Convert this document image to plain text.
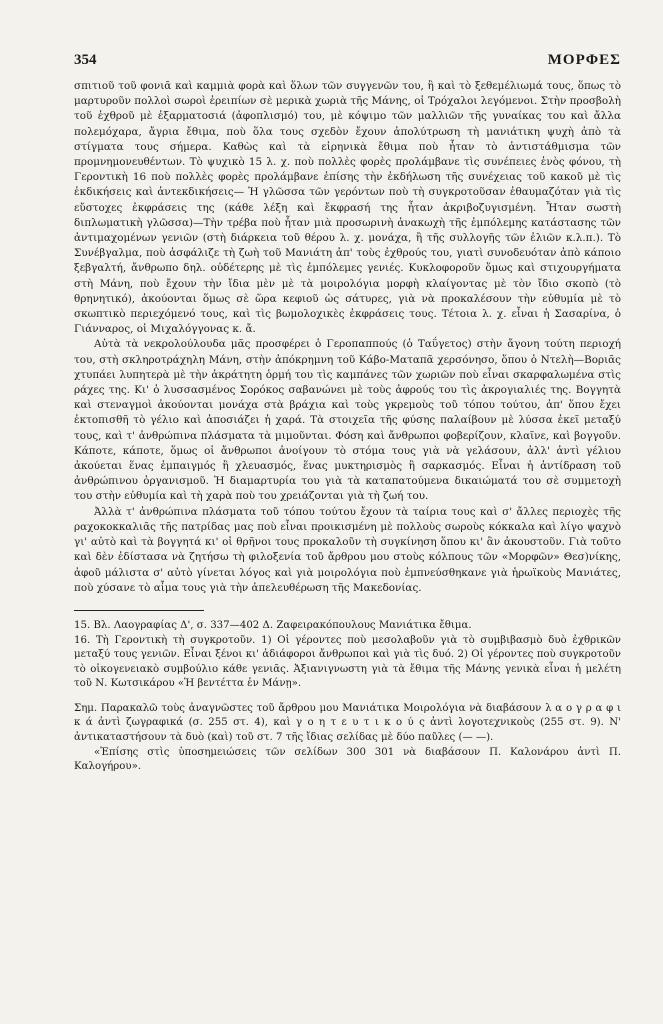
354	ΜΟΡΦΕΣ

σπιτιοῦ τοῦ φονιᾶ καὶ καμμιὰ φορὰ καὶ ὅλων τῶν συγγενῶν του, ἢ καὶ τὸ ξεθεμέλιωμά τους, ὅπως τὸ μαρτυροῦν πολλοὶ σωροὶ ἐρειπίων σὲ μερικὰ χωριὰ τῆς Μάνης, οἱ Τρόχαλοι λεγόμενοι. Στὴν προσβολὴ τοῦ ἐχθροῦ μὲ ἐξαρματοσιά (ἀφοπλισμό) του, μὲ κόψιμο τῶν μαλλιῶν τῆς γυναίκας του καὶ ἄλλα πολεμόχαρα, ἄγρια ἔθιμα, ποὺ ὅλα τους σχεδὸν ἔχουν ἀπολύτρωση τὴ μανιάτικη ψυχὴ ἀπὸ τὰ στίγματα τους σήμερα. Καθὼς καὶ τὰ εἰρηνικὰ ἔθιμα ποὺ ἦταν τὸ ἀντιστάθμισμα τῶν προμνημονευθέντων. Τὸ ψυχικὸ 15 λ. χ. ποὺ πολλὲς φορὲς προλάμβανε τὶς συνέπειες ἑνὸς φόνου, τὴ Γεροντικὴ 16 ποὺ πολλὲς φορὲς προλάμβανε ἐπίσης τὴν ἐκδήλωση τῆς συνέχειας τοῦ κακοῦ μὲ τὶς ἐκδικήσεις καὶ ἀντεκδικήσεις— Ἡ γλῶσσα τῶν γερόντων ποὺ τὴ συγκροτοῦσαν ἐθαυμαζόταν γιὰ τὶς εὔστοχες ἐκφράσεις της (κάθε λέξη καὶ ἔκφρασή της ἦταν ἀκριβοζυγισμένη. Ἦταν σωστὴ διπλωματικὴ γλῶσσα)—Τὴν τρέβα ποὺ ἦταν μιὰ προσωρινὴ ἀνακωχὴ τῆς ἐμπόλεμης κατάστασης τῶν ἀντιμαχομένων γενιῶν (στὴ διάρκεια τοῦ θέρου λ. χ. μονάχα, ἢ τῆς συλλογῆς τῶν ἐλιῶν κ.λ.π.). Τὸ Συνέβγαλμα, ποὺ ἀσφάλιζε τὴ ζωὴ τοῦ Μανιάτη ἀπ' τοὺς ἐχθρούς του, γιατὶ συνοδευόταν ἀπὸ κάποιο ξεβγαλτή, ἄνθρωπο δηλ. οὐδέτερης μὲ τὶς ἐμπόλεμες γενιές. Κυκλοφοροῦν ὅμως καὶ στιχουργήματα στὴ Μάνη, ποὺ ἔχουν τὴν ἴδια μὲν μὲ τὰ μοιρολόγια μορφὴ κλαίγοντας μὲ τὸν ἴδιο σκοπὸ (τὸ θρηνητικό), ἀκούονται ὅμως σὲ ὥρα κεφιοῦ ὡς σάτυρες, γιὰ νὰ προκαλέσουν τὴν εὐθυμία μὲ τὸ σκωπτικὸ περιεχόμενό τους, καὶ τὶς βωμολοχικὲς ἐκφράσεις τους. Τέτοια λ. χ. εἶναι ἡ Σασαρίνα, ὁ Γιάνναρος, οἱ Μιχαλόγγονας κ. ἄ.

Αὐτὰ τὰ νεκρολούλουδα μᾶς προσφέρει ὁ Γεροπαππούς (ὁ Ταΰγετος) στὴν ἄγονη τούτη περιοχή του, στὴ σκληροτράχηλη Μάνη, στὴν ἀπόκρημνη τοῦ Κάβο-Ματαπᾶ χερσόνησο, ὅπου ὁ Ντελὴ—Βοριᾶς χτυπάει λυπητερὰ μὲ τὴν ἀκράτητη ὁρμή του τὶς καμπάνες τῶν χωριῶν ποὺ εἶναι σκαρφαλωμένα στὶς ράχες της. Κι' ὁ λυσσασμένος Σορόκος σαβανώνει μὲ τοὺς ἀφρούς του τὶς ἀκρογιαλιές της. Βογγητὰ καὶ στεναγμοὶ ἀκούονται μονάχα στὰ βράχια καὶ τοὺς γκρεμοὺς τοῦ τόπου τούτου, ἀπ' ὅπου ἔχει ἐκτοπισθῆ τὸ γέλιο καὶ ἀποσιάζει ἡ χαρά. Τὰ στοιχεῖα τῆς φύσης παλαίβουν μὲ λύσσα ἐκεῖ μεταξύ τους, καὶ τ' ἀνθρώπινα πλάσματα τὰ μιμοῦνται. Φόση καὶ ἄνθρωποι φοβερίζουν, κλαῖνε, καὶ βογγοῦν. Κάποτε, κάποτε, ὅμως οἱ ἄνθρωποι ἀνοίγουν τὸ στόμα τους γιὰ νὰ γελάσουν, ἀλλ' ἀντὶ γέλιου ἀκούεται ἕνας ἐμπαιγμός ἢ χλευασμός, ἕνας μυκτηρισμὸς ἢ σαρκασμός. Εἶναι ἡ ἀντίδραση τοῦ ἀνθρώπινου ὀργανισμοῦ. Ἡ διαμαρτυρία του γιὰ τὰ καταπατούμενα δικαιώματά του σὲ συμμετοχὴ του στὴν εὐθυμία καὶ τὴ χαρὰ ποὺ του χρειάζονται γιὰ τὴ ζωή του.

Ἀλλὰ τ' ἀνθρώπινα πλάσματα τοῦ τόπου τούτου ἔχουν τὰ ταίρια τους καὶ σ' ἄλλες περιοχὲς τῆς ραχοκοκκαλιᾶς τῆς πατρίδας μας ποὺ εἶναι προικισμένη μὲ πολλοὺς σωροὺς κόκκαλα καὶ λίγο ψαχνὸ γι' αὐτὸ καὶ τὰ βογγητά κι' οἱ θρῆνοι τους προκαλοῦν τὴ συγκίνηση ὅπου κι' ἂν ἀκουστοῦν. Γιὰ τοῦτο καὶ δὲν ἐδίστασα νὰ ζητήσω τὴ φιλοξενία τοῦ ἄρθρου μου στοὺς κόλπους τῶν «Μορφῶν» Θεσ)νίκης, ἀφοῦ μάλιστα σ' αὐτὸ γίνεται λόγος καὶ γιὰ μοιρολόγια ποὺ ἐμπνεύσθηκανε γιὰ ἡρωϊκοὺς Μανιάτες, ποὺ χύσανε τὸ αἷμα τους γιὰ τὴν ἀπελευθέρωση τῆς Μακεδονίας.

15. Βλ. Λαογραφίας Δ', σ. 337—402 Δ. Ζαφειρακόπουλους Μανιάτικα ἔθιμα.

16. Τὴ Γεροντικὴ τὴ συγκροτοῦν. 1) Οἱ γέροντες ποὺ μεσολαβοῦν γιὰ τὸ συμβιβασμὸ δυὸ ἐχθρικῶν μεταξύ τους γενιῶν. Εἶναι ξένοι κι' ἀδιάφοροι ἄνθρωποι καὶ γιὰ τὶς δυό. 2) Οἱ γέροντες ποὺ συγκροτοῦν τὸ οἰκογενειακὸ συμβούλιο κάθε γενιᾶς. Ἀξιανιγνωστη γιὰ τὰ ἔθιμα τῆς Μάνης γενικὰ εἶναι ἡ μελέτη τοῦ Ν. Κωτσικάρου «Ἡ βεντέττα ἐν Μάνῃ».

Σημ. Παρακαλῶ τοὺς ἀναγνῶστες τοῦ ἄρθρου μου Μανιάτικα Μοιρολόγια νὰ διαβάσουν λ α ο γ ρ α φ ι κ ά ἀντὶ ζωγραφικά (σ. 255 στ. 4), καὶ γ ο η τ ε υ τ ι κ ο ύ ς ἀντὶ λογοτεχνικοὺς (255 στ. 9). Ν' ἀντικαταστήσουν τὰ δυὸ (καὶ) τοῦ στ. 7 τῆς ἴδιας σελίδας μὲ δύο παῦλες (— —).

«Ἐπίσης στὶς ὑποσημειώσεις τῶν σελίδων 300 301 νὰ διαβάσουν Π. Καλονάρου ἀντὶ Π. Καλογήρου».
